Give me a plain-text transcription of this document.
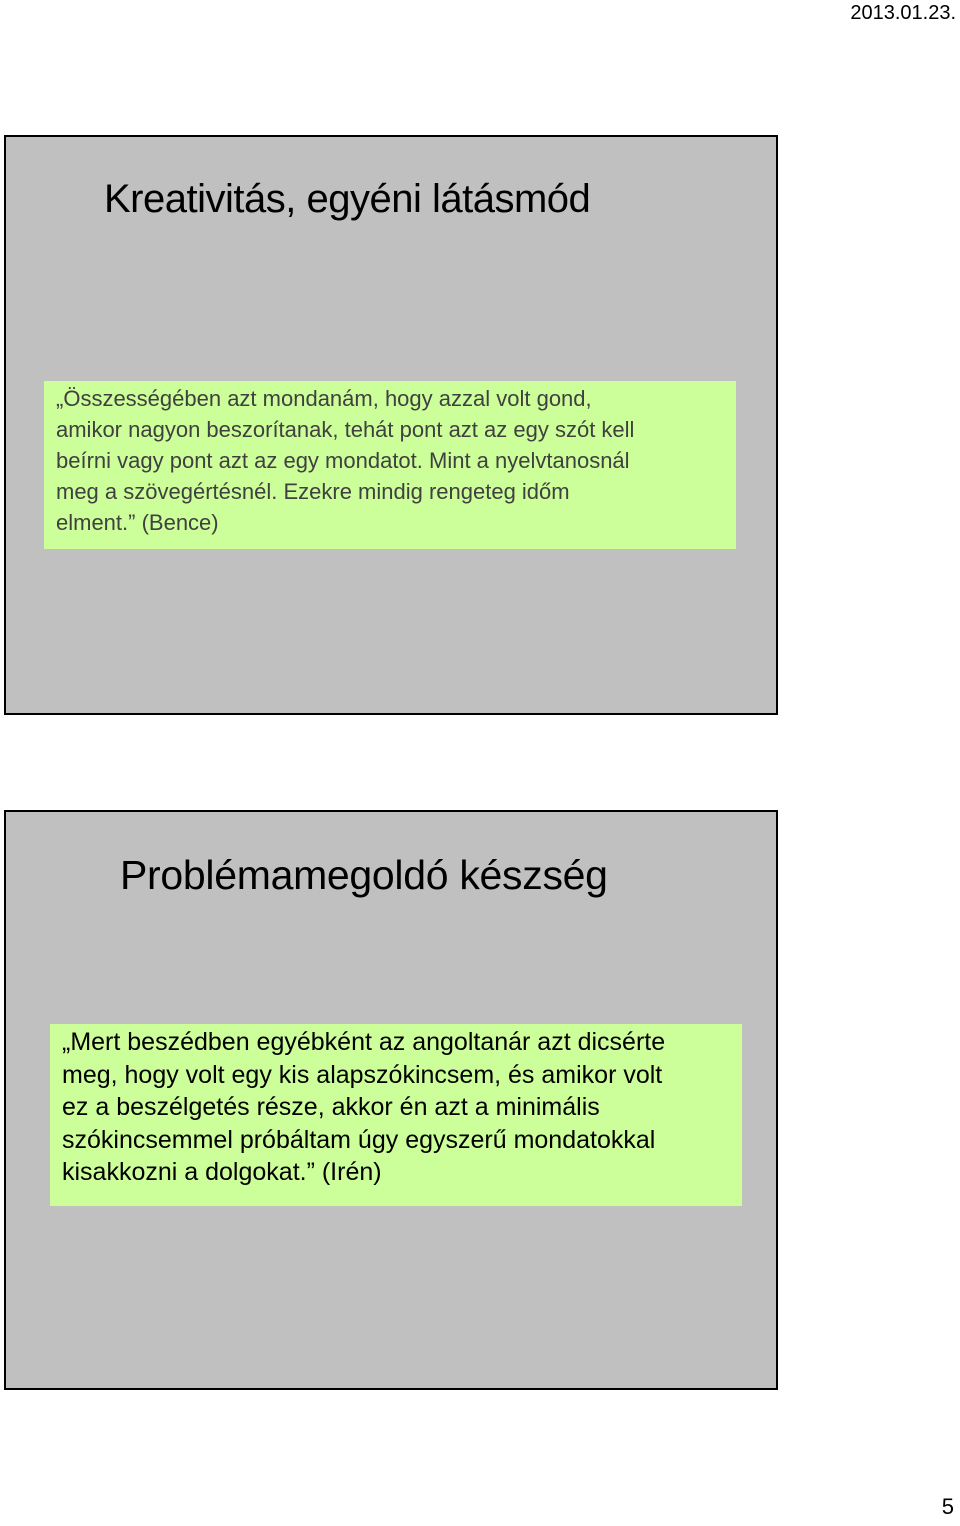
2013.01.23.
Kreativitás, egyéni látásmód
„Összességében azt mondanám, hogy azzal volt gond,
amikor nagyon beszorítanak, tehát pont azt az egy szót kell
beírni vagy pont azt az egy mondatot. Mint a nyelvtanosnál
meg a szövegértésnél. Ezekre mindig rengeteg időm
elment.” (Bence)
Problémamegoldó készség
„Mert beszédben egyébként az angoltanár azt dicsérte
meg, hogy volt egy kis alapszókincsem, és amikor volt
ez a beszélgetés része, akkor én azt a minimális
szókincsemmel próbáltam úgy egyszerű mondatokkal
kisakkozni a dolgokat.” (Irén)
5
